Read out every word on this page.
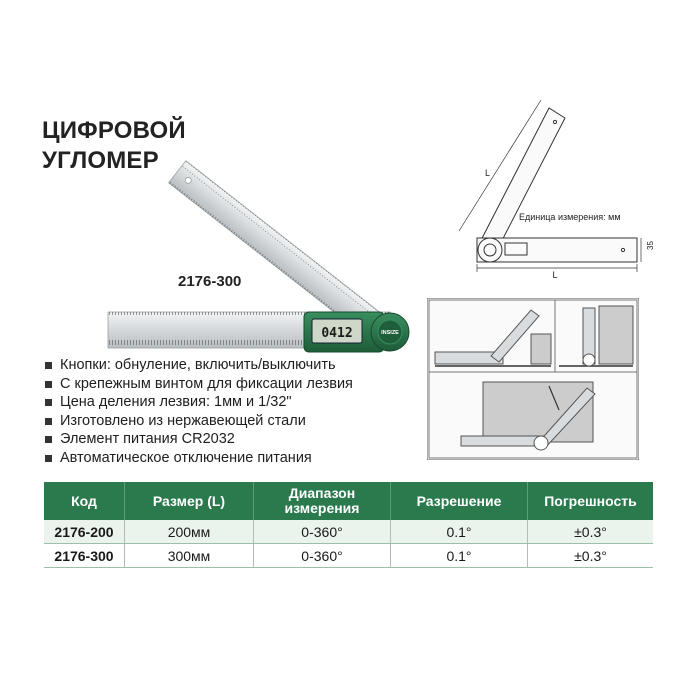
ЦИФРОВОЙ
УГЛОМЕР
0412	INSIZE
2176-300	L
L
35
Единица измерения: мм
Кнопки: обнуление, включить/выключить
С крепежным винтом для фиксации лезвия
Цена деления лезвия: 1мм и 1/32"
Изготовлено из нержавеющей стали
Элемент питания CR2032
Автоматическое отключение питания
Код	Размер (L)	Диапазон измерения	Разрешение	Погрешность
2176-200	200мм	0-360°	0.1°	±0.3°
2176-300	300мм	0-360°	0.1°	±0.3°
